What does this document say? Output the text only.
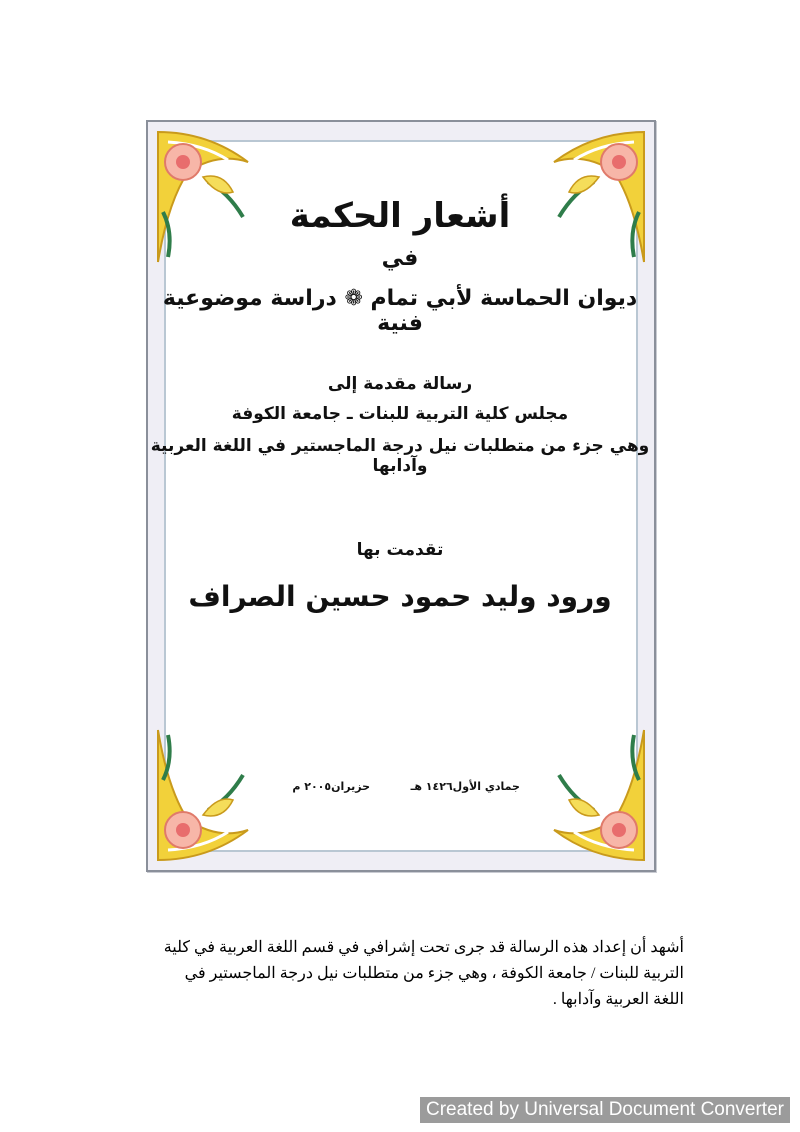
أشعار الحكمة
في
ديوان الحماسة لأبي تمام ❁ دراسة موضوعية فنية
رسالة مقدمة إلى
مجلس كلية التربية للبنات ـ جامعة الكوفة
وهي جزء من متطلبات نيل درجة الماجستير في اللغة العربية وآدابها
تقدمت بها
ورود وليد حمود حسين الصراف
جمادي الأول١٤٢٦ هـ
حزيران٢٠٠٥ م
أشهد أن إعداد هذه الرسالة قد جرى تحت إشرافي في قسم اللغة العربية في كلية التربية للبنات / جامعة الكوفة ، وهي جزء من متطلبات نيل درجة الماجستير في اللغة العربية وآدابها .
Created by Universal Document Converter
